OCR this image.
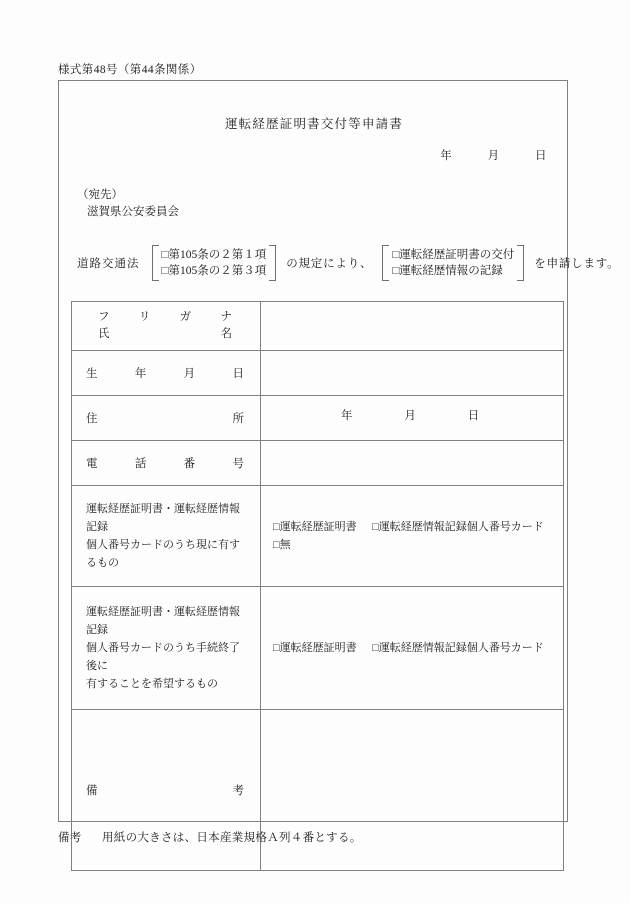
様式第48号（第44条関係）
運転経歴証明書交付等申請書
年	月	日
（宛先）
滋賀県公安委員会
道路交通法
□第105条の２第１項
□第105条の２第３項
の規定により、
□運転経歴証明書の交付
□運転経歴情報の記録
を申請します。
フ	リ	ガ	ナ
氏	名

生 年 月 日	

住 所	年 月 日

電 話 番 号	

運転経歴証明書・運転経歴情報記録
個人番号カードのうち現に有するもの

□運転経歴証明書 □運転経歴情報記録個人番号カード
□無

運転経歴証明書・運転経歴情報記録
個人番号カードのうち手続終了後に
有することを希望するもの	□運転経歴証明書 □運転経歴情報記録個人番号カード

備 考	

備考 用紙の大きさは、日本産業規格Ａ列４番とする。
